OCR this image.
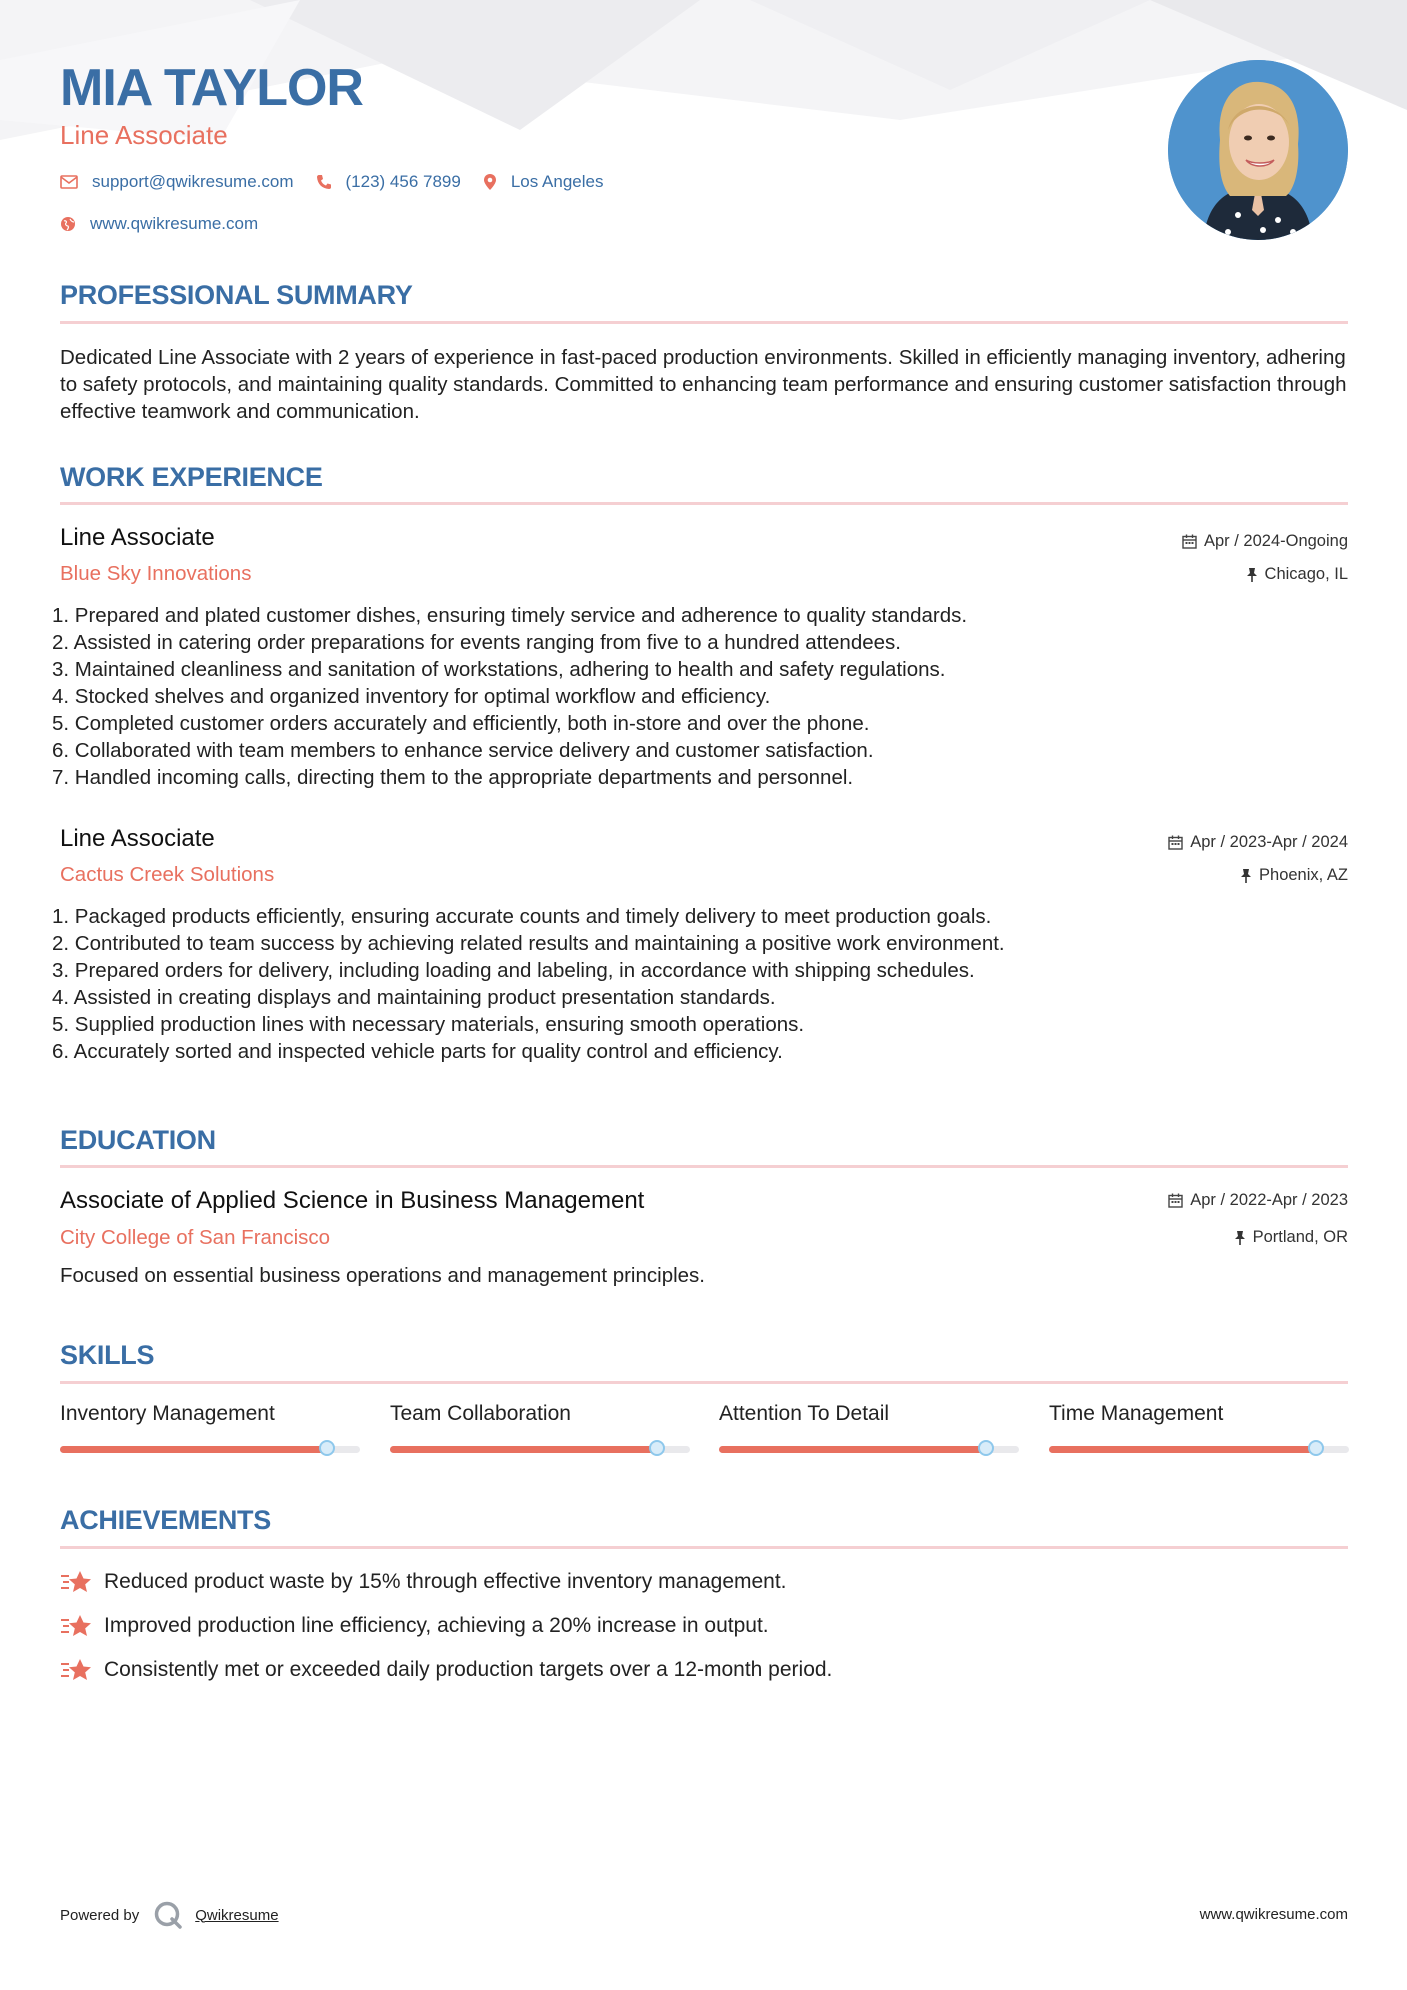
MIA TAYLOR

Line Associate

support@qwikresume.com	(123) 456 7899	Los Angeles
www.qwikresume.com
PROFESSIONAL SUMMARY

Dedicated Line Associate with 2 years of experience in fast-paced production environments. Skilled in efficiently managing inventory, adhering to safety protocols, and maintaining quality standards. Committed to enhancing team performance and ensuring customer satisfaction through effective teamwork and communication.

WORK EXPERIENCE

Line Associate

Blue Sky Innovations

Apr / 2024-Ongoing
Chicago, IL
1. Prepared and plated customer dishes, ensuring timely service and adherence to quality standards.
2. Assisted in catering order preparations for events ranging from five to a hundred attendees.
3. Maintained cleanliness and sanitation of workstations, adhering to health and safety regulations.
4. Stocked shelves and organized inventory for optimal workflow and efficiency.
5. Completed customer orders accurately and efficiently, both in-store and over the phone.
6. Collaborated with team members to enhance service delivery and customer satisfaction.
7. Handled incoming calls, directing them to the appropriate departments and personnel.

Line Associate

Cactus Creek Solutions

Apr / 2023-Apr / 2024
Phoenix, AZ
1. Packaged products efficiently, ensuring accurate counts and timely delivery to meet production goals.
2. Contributed to team success by achieving related results and maintaining a positive work environment.
3. Prepared orders for delivery, including loading and labeling, in accordance with shipping schedules.
4. Assisted in creating displays and maintaining product presentation standards.
5. Supplied production lines with necessary materials, ensuring smooth operations.
6. Accurately sorted and inspected vehicle parts for quality control and efficiency.
EDUCATION

Associate of Applied Science in Business Management

City College of San Francisco

Apr / 2022-Apr / 2023
Portland, OR

Focused on essential business operations and management principles.

SKILLS

Inventory Management	Team Collaboration	Attention To Detail	Time Management

ACHIEVEMENTS
Reduced product waste by 15% through effective inventory management.
Improved production line efficiency, achieving a 20% increase in output.
Consistently met or exceeded daily production targets over a 12-month period.
Powered by	Qwikresume	www.qwikresume.com
